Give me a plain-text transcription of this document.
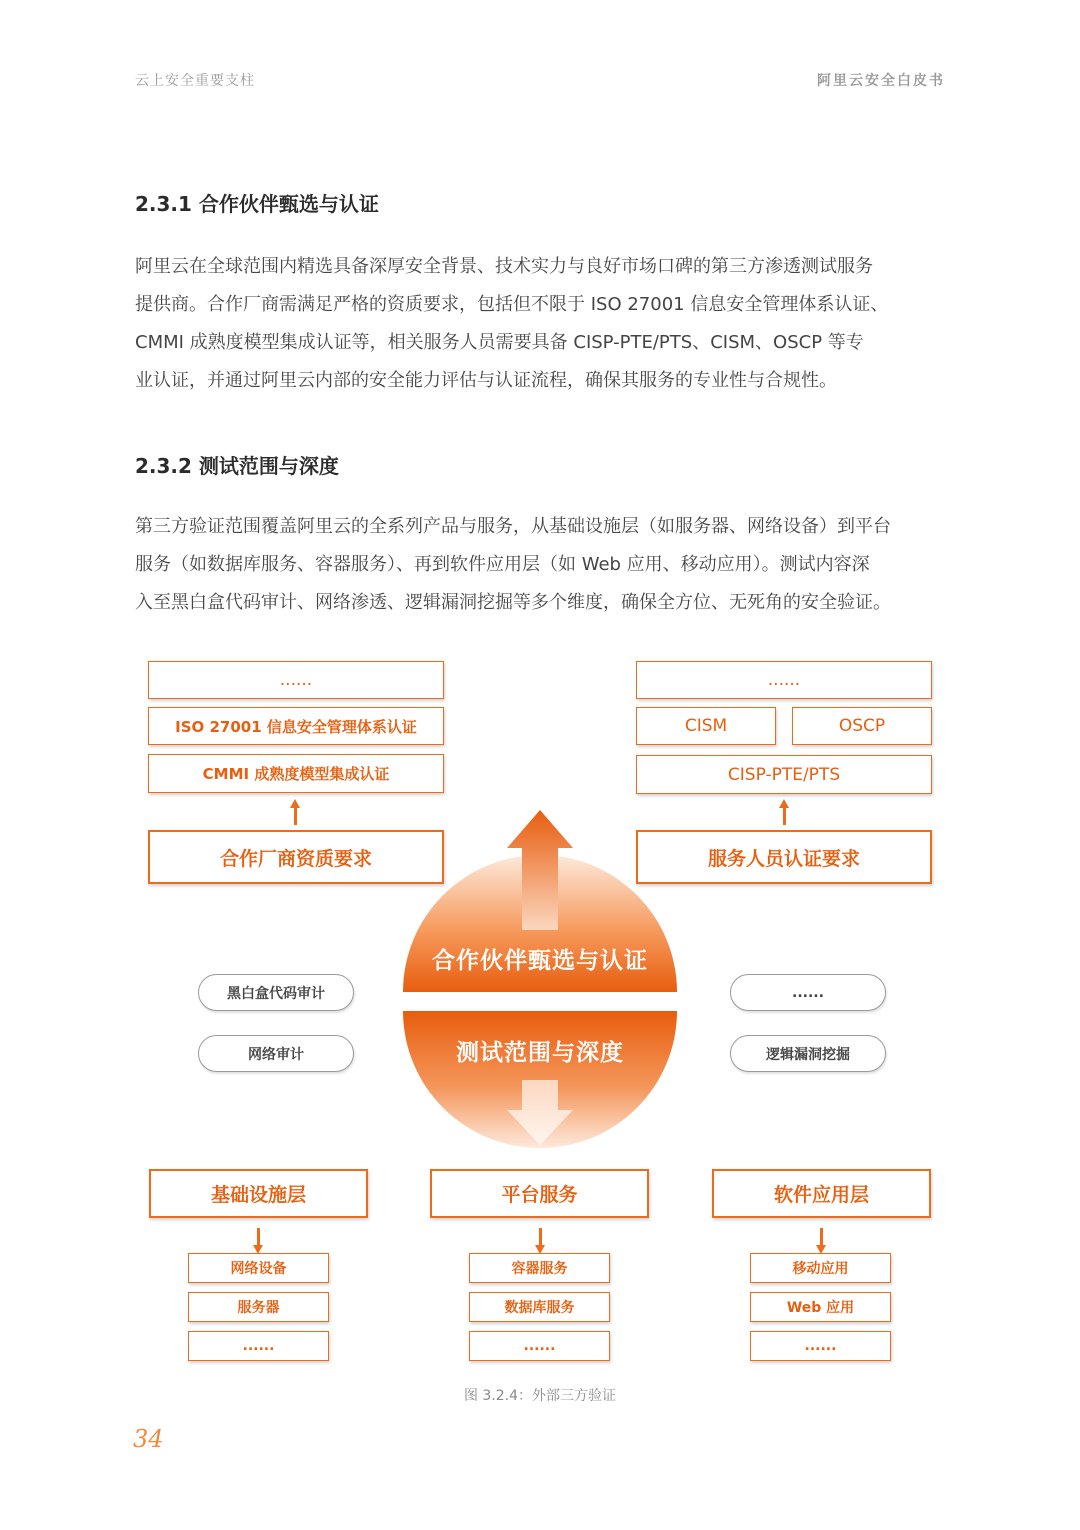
云上安全重要支柱	阿里云安全白皮书
2.3.1 合作伙伴甄选与认证
阿里云在全球范围内精选具备深厚安全背景、技术实力与良好市场口碑的第三方渗透测试服务
提供商。合作厂商需满足严格的资质要求，包括但不限于 ISO 27001 信息安全管理体系认证、
CMMI 成熟度模型集成认证等，相关服务人员需要具备 CISP-PTE/PTS、CISM、OSCP 等专
业认证，并通过阿里云内部的安全能力评估与认证流程，确保其服务的专业性与合规性。
2.3.2 测试范围与深度
第三方验证范围覆盖阿里云的全系列产品与服务，从基础设施层（如服务器、网络设备）到平台
服务（如数据库服务、容器服务）、再到软件应用层（如 Web 应用、移动应用）。测试内容深
入至黑白盒代码审计、网络渗透、逻辑漏洞挖掘等多个维度，确保全方位、无死角的安全验证。
......
ISO 27001 信息安全管理体系认证
CMMI 成熟度模型集成认证
合作厂商资质要求
......
CISM	OSCP
CISP-PTE/PTS
服务人员认证要求
合作伙伴甄选与认证
测试范围与深度
黑白盒代码审计
网络审计
......
逻辑漏洞挖掘
基础设施层
网络设备
服务器
......
平台服务
容器服务
数据库服务
......
软件应用层
移动应用
Web 应用
......
图 3.2.4：外部三方验证
34
